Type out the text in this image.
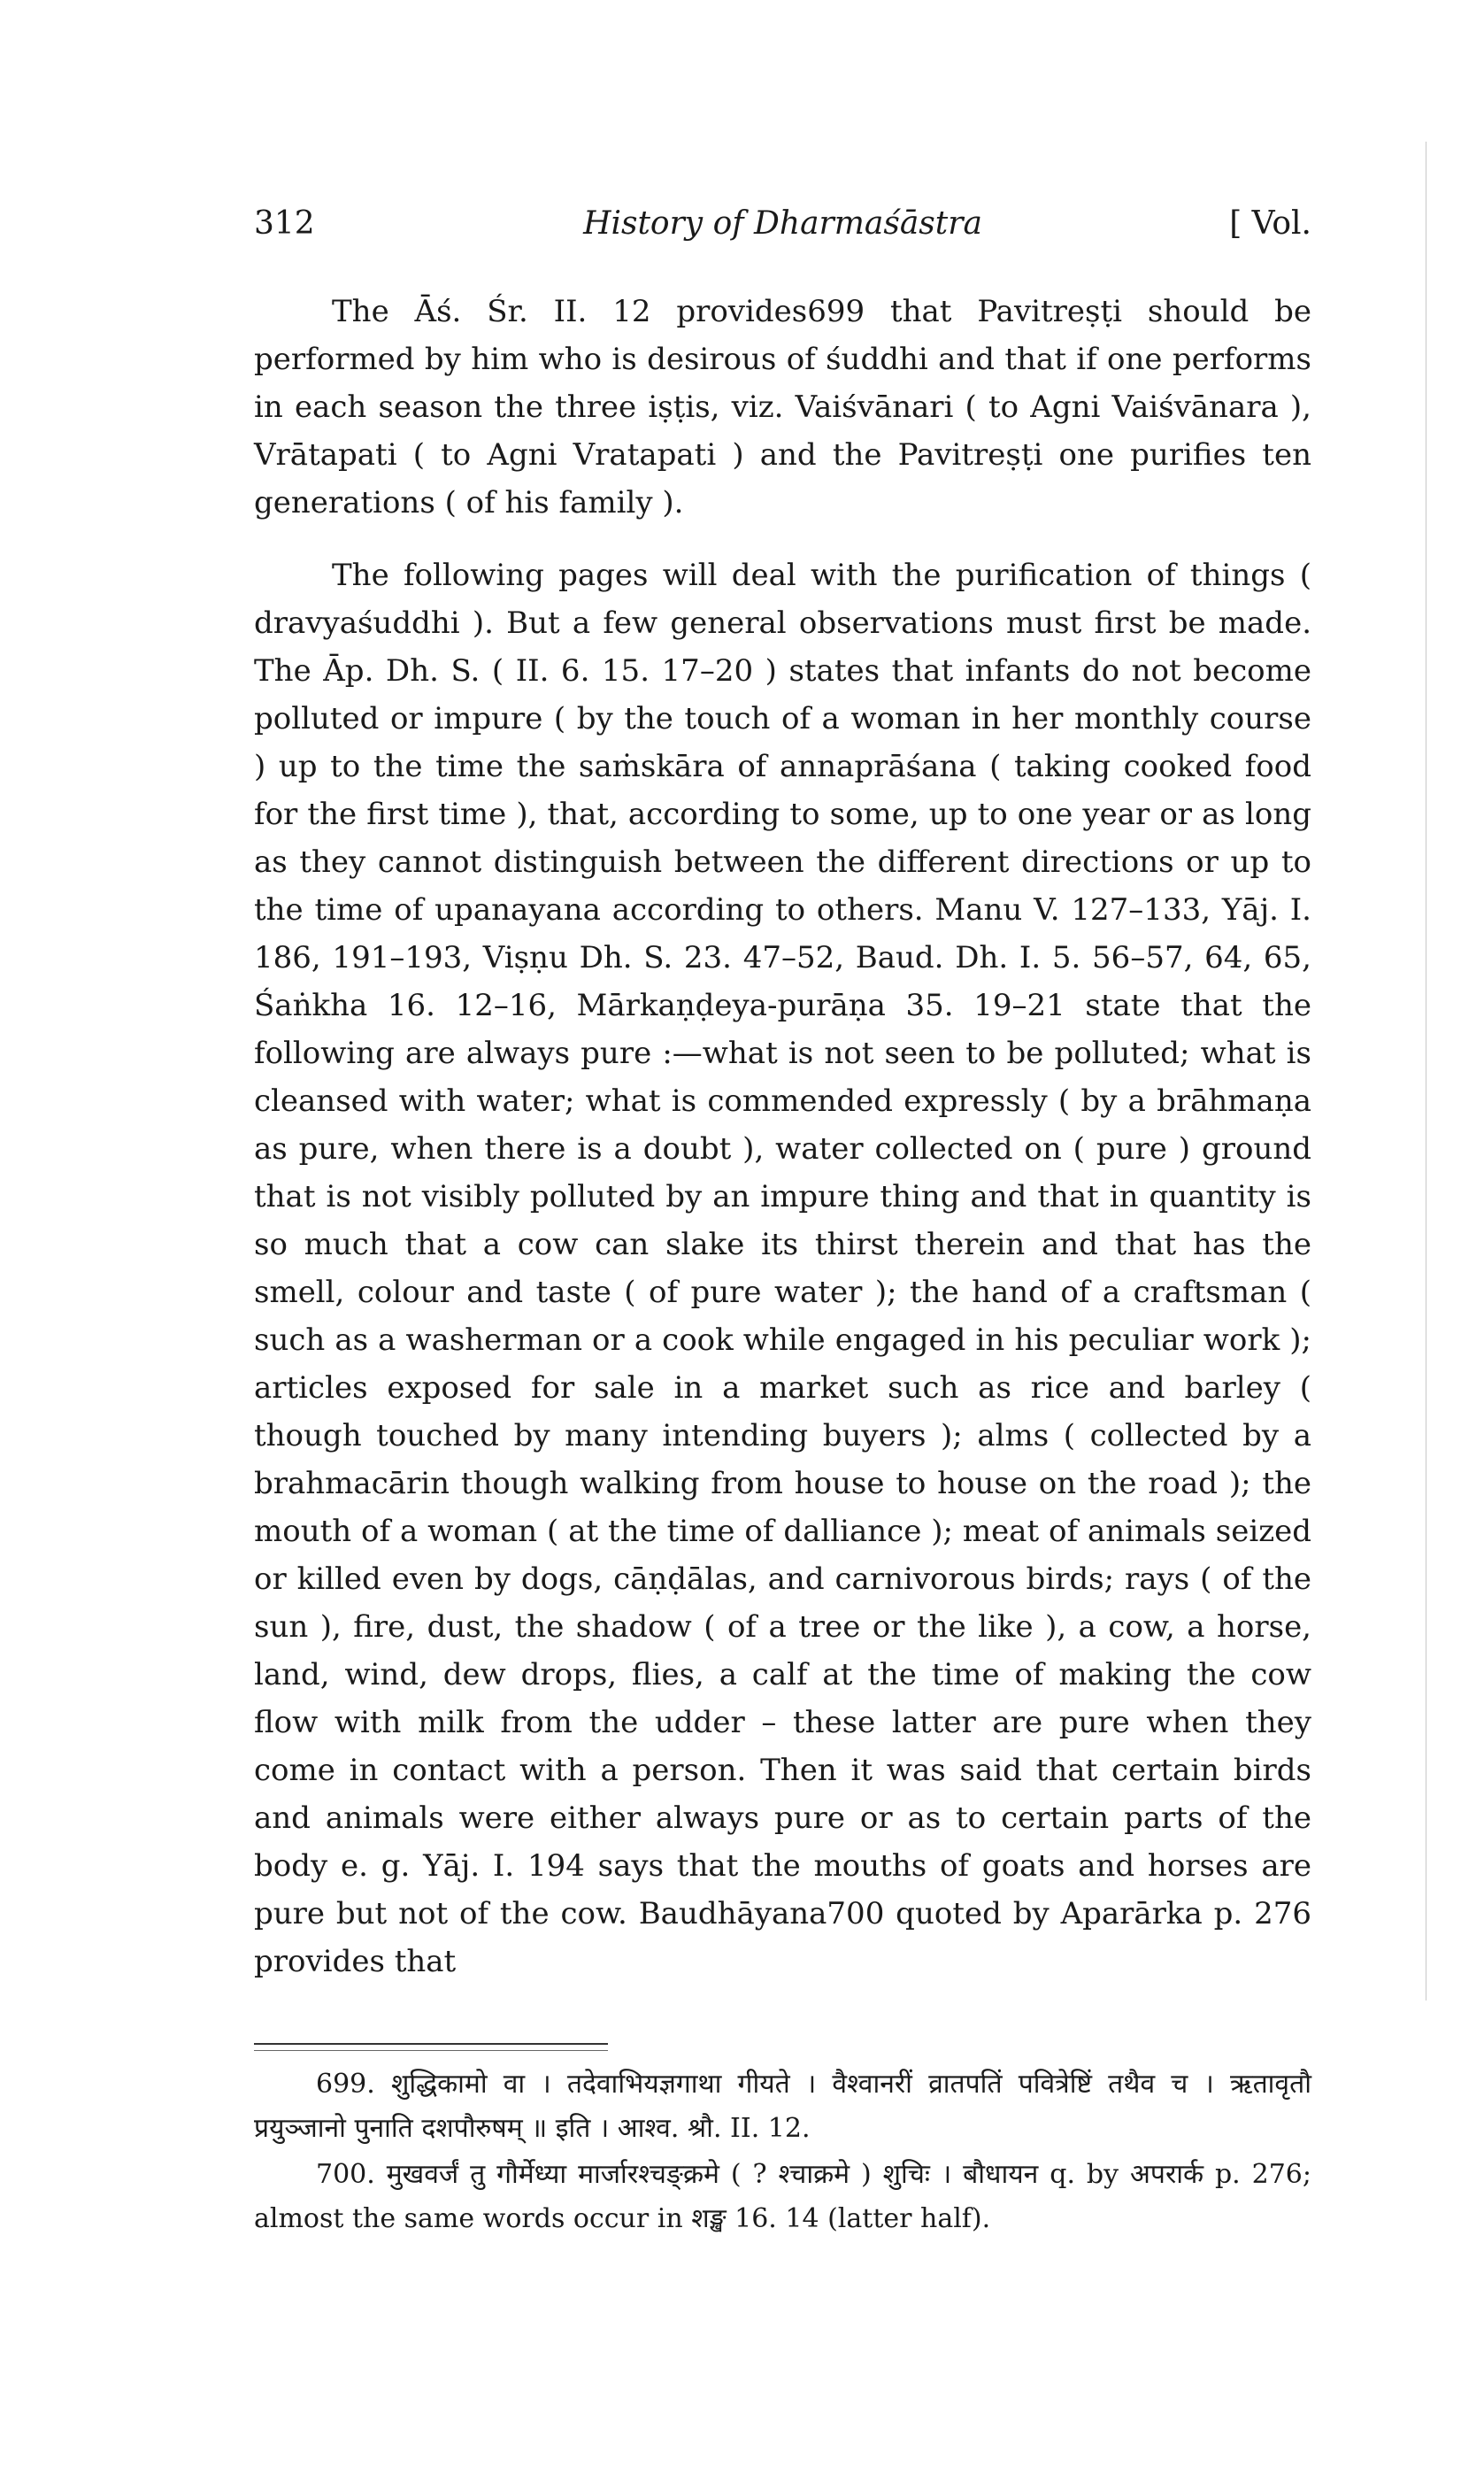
312	History of Dharmaśāstra	[ Vol.

The Āś. Śr. II. 12 provides699 that Pavitreṣṭi should be performed by him who is desirous of śuddhi and that if one performs in each season the three iṣṭis, viz. Vaiśvānari ( to Agni Vaiśvānara ), Vrātapati ( to Agni Vratapati ) and the Pavitreṣṭi one purifies ten generations ( of his family ).

The following pages will deal with the purification of things ( dravyaśuddhi ). But a few general observations must first be made. The Āp. Dh. S. ( II. 6. 15. 17–20 ) states that infants do not become polluted or impure ( by the touch of a woman in her monthly course ) up to the time the saṁskāra of annaprāśana ( taking cooked food for the first time ), that, according to some, up to one year or as long as they cannot distinguish between the different directions or up to the time of upanayana according to others. Manu V. 127–133, Yāj. I. 186, 191–193, Viṣṇu Dh. S. 23. 47–52, Baud. Dh. I. 5. 56–57, 64, 65, Śaṅkha 16. 12–16, Mārkaṇḍeya-purāṇa 35. 19–21 state that the following are always pure :—what is not seen to be polluted; what is cleansed with water; what is commended expressly ( by a brāhmaṇa as pure, when there is a doubt ), water collected on ( pure ) ground that is not visibly polluted by an impure thing and that in quantity is so much that a cow can slake its thirst therein and that has the smell, colour and taste ( of pure water ); the hand of a craftsman ( such as a washerman or a cook while engaged in his peculiar work ); articles exposed for sale in a market such as rice and barley ( though touched by many intending buyers ); alms ( collected by a brahmacārin though walking from house to house on the road ); the mouth of a woman ( at the time of dalliance ); meat of animals seized or killed even by dogs, cāṇḍālas, and carnivorous birds; rays ( of the sun ), fire, dust, the shadow ( of a tree or the like ), a cow, a horse, land, wind, dew drops, flies, a calf at the time of making the cow flow with milk from the udder – these latter are pure when they come in contact with a person. Then it was said that certain birds and animals were either always pure or as to certain parts of the body e. g. Yāj. I. 194 says that the mouths of goats and horses are pure but not of the cow. Baudhāyana700 quoted by Aparārka p. 276 provides that

699. शुद्धिकामो वा । तदेवाभियज्ञगाथा गीयते । वैश्वानरीं व्रातपतिं पवित्रेष्टिं तथैव च । ऋतावृतौ प्रयुञ्जानो पुनाति दशपौरुषम् ॥ इति । आश्व. श्रौ. II. 12.

700. मुखवर्जं तु गौर्मेध्या मार्जारश्चङ्क्रमे ( ? श्चाक्रमे ) शुचिः । बौधायन q. by अपरार्क p. 276; almost the same words occur in शङ्ख 16. 14 (latter half).
